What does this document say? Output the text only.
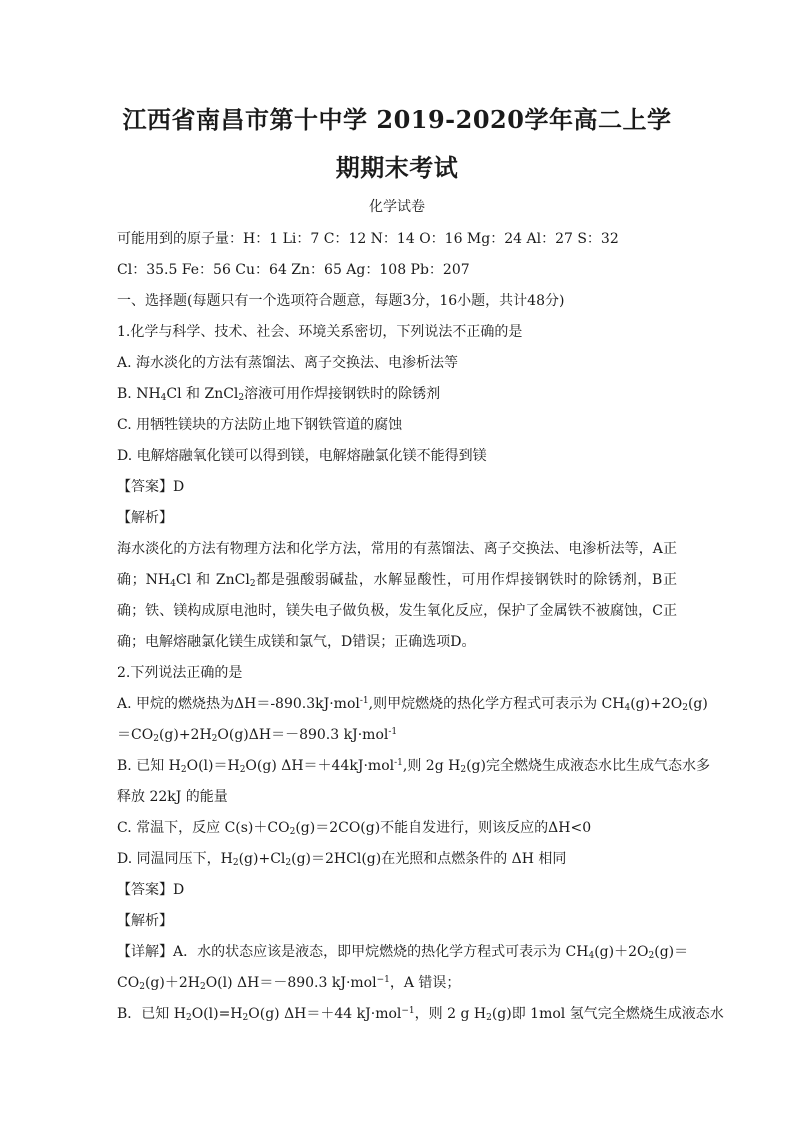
江西省南昌市第十中学 2019-2020学年高二上学期期末考试
化学试卷

可能用到的原子量：H：1 Li：7 C：12 N：14 O：16 Mg：24 Al：27 S：32

Cl：35.5 Fe：56 Cu：64 Zn：65 Ag：108 Pb：207

一、选择题(每题只有一个选项符合题意，每题3分，16小题，共计48分)

1.化学与科学、技术、社会、环境关系密切，下列说法不正确的是

A. 海水淡化的方法有蒸馏法、离子交换法、电渗析法等

B. $NH_4Cl$ 和 ZnCl$_2$溶液可用作焊接钢铁时的除锈剂

C. 用牺牲镁块的方法防止地下钢铁管道的腐蚀

D. 电解熔融氧化镁可以得到镁，电解熔融氯化镁不能得到镁

【答案】D

【解析】

海水淡化的方法有物理方法和化学方法，常用的有蒸馏法、离子交换法、电渗析法等，A正确；$NH_4Cl$ 和 ZnCl$_2$都是强酸弱碱盐，水解显酸性，可用作焊接钢铁时的除锈剂，B正确；铁、镁构成原电池时，镁失电子做负极，发生氧化反应，保护了金属铁不被腐蚀，C正确；电解熔融氯化镁生成镁和氯气，D错误；正确选项D。

2.下列说法正确的是

A. 甲烷的燃烧热为ΔH＝-890.3kJ·mol$^{-1}$,则甲烷燃烧的热化学方程式可表示为 $CH_4(g)+2O_2(g)$

$=CO_2(g)+2H_2O(g)\Delta H=-890.3$ kJ·mol$^{-1}$

B. 已知 $H_2O(l)=H_2O(g)$ ΔH＝＋44kJ·mol$^{-1}$,则 2g $H_2(g)$完全燃烧生成液态水比生成气态水多

释放 22kJ 的能量

C. 常温下，反应 $C(s)+CO_2(g)=2CO(g)$不能自发进行，则该反应的ΔH<0

D. 同温同压下，$H_2(g)+Cl_2(g)=2HCl(g)$在光照和点燃条件的 ΔH 相同

【答案】D

【解析】

【详解】A．水的状态应该是液态，即甲烷燃烧的热化学方程式可表示为 $CH_4(g)+2O_2(g)=$

$CO_2(g)+2H_2O(l)$ ΔH＝－890.3 kJ·mol$^{-1}$，A 错误；

B．已知 $H_2O(l)=H_2O(g)$ ΔH＝＋44 kJ·mol$^{-1}$，则 2 g $H_2(g)$即 1mol 氢气完全燃烧生成液态水
